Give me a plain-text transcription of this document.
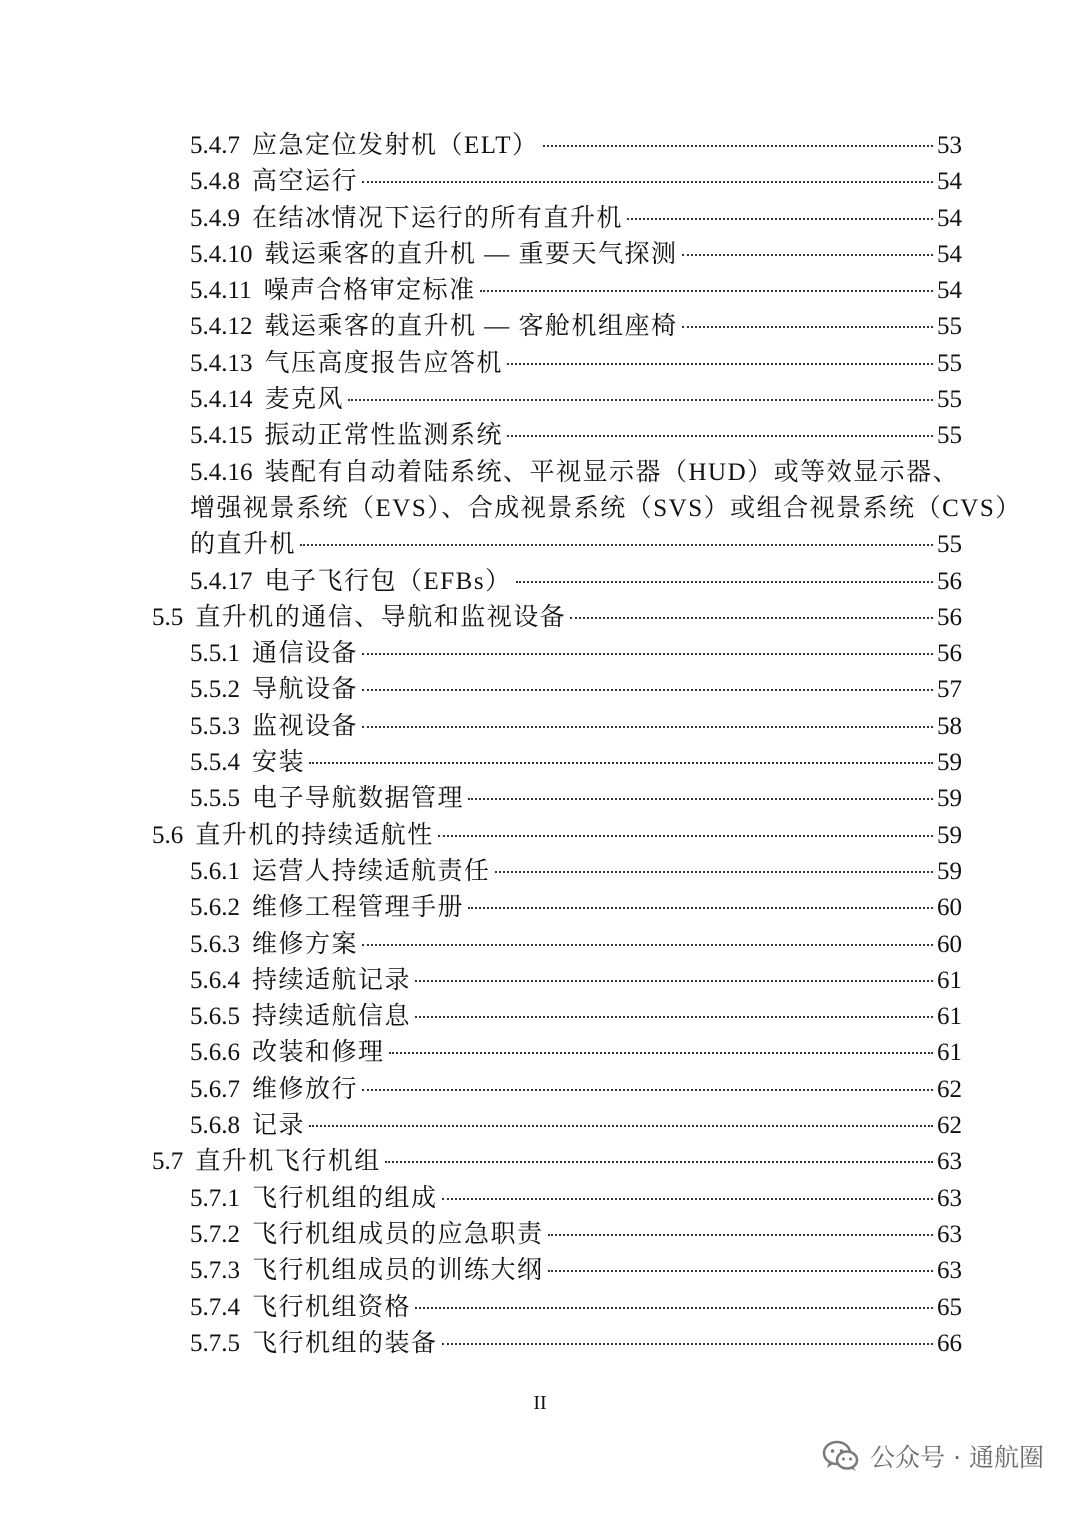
5.4.7 应急定位发射机（ELT）	53
5.4.8 高空运行	54
5.4.9 在结冰情况下运行的所有直升机	54
5.4.10 载运乘客的直升机 — 重要天气探测	54
5.4.11 噪声合格审定标准	54
5.4.12 载运乘客的直升机 — 客舱机组座椅	55
5.4.13 气压高度报告应答机	55
5.4.14 麦克风	55
5.4.15 振动正常性监测系统	55
5.4.16 装配有自动着陆系统、平视显示器（HUD）或等效显示器、
增强视景系统（EVS）、合成视景系统（SVS）或组合视景系统（CVS）
的直升机	55
5.4.17 电子飞行包（EFBs）	56
5.5 直升机的通信、导航和监视设备	56
5.5.1 通信设备	56
5.5.2 导航设备	57
5.5.3 监视设备	58
5.5.4 安装	59
5.5.5 电子导航数据管理	59
5.6 直升机的持续适航性	59
5.6.1 运营人持续适航责任	59
5.6.2 维修工程管理手册	60
5.6.3 维修方案	60
5.6.4 持续适航记录	61
5.6.5 持续适航信息	61
5.6.6 改装和修理	61
5.6.7 维修放行	62
5.6.8 记录	62
5.7 直升机飞行机组	63
5.7.1 飞行机组的组成	63
5.7.2 飞行机组成员的应急职责	63
5.7.3 飞行机组成员的训练大纲	63
5.7.4 飞行机组资格	65
5.7.5 飞行机组的装备	66
II
公众号 · 通航圈
